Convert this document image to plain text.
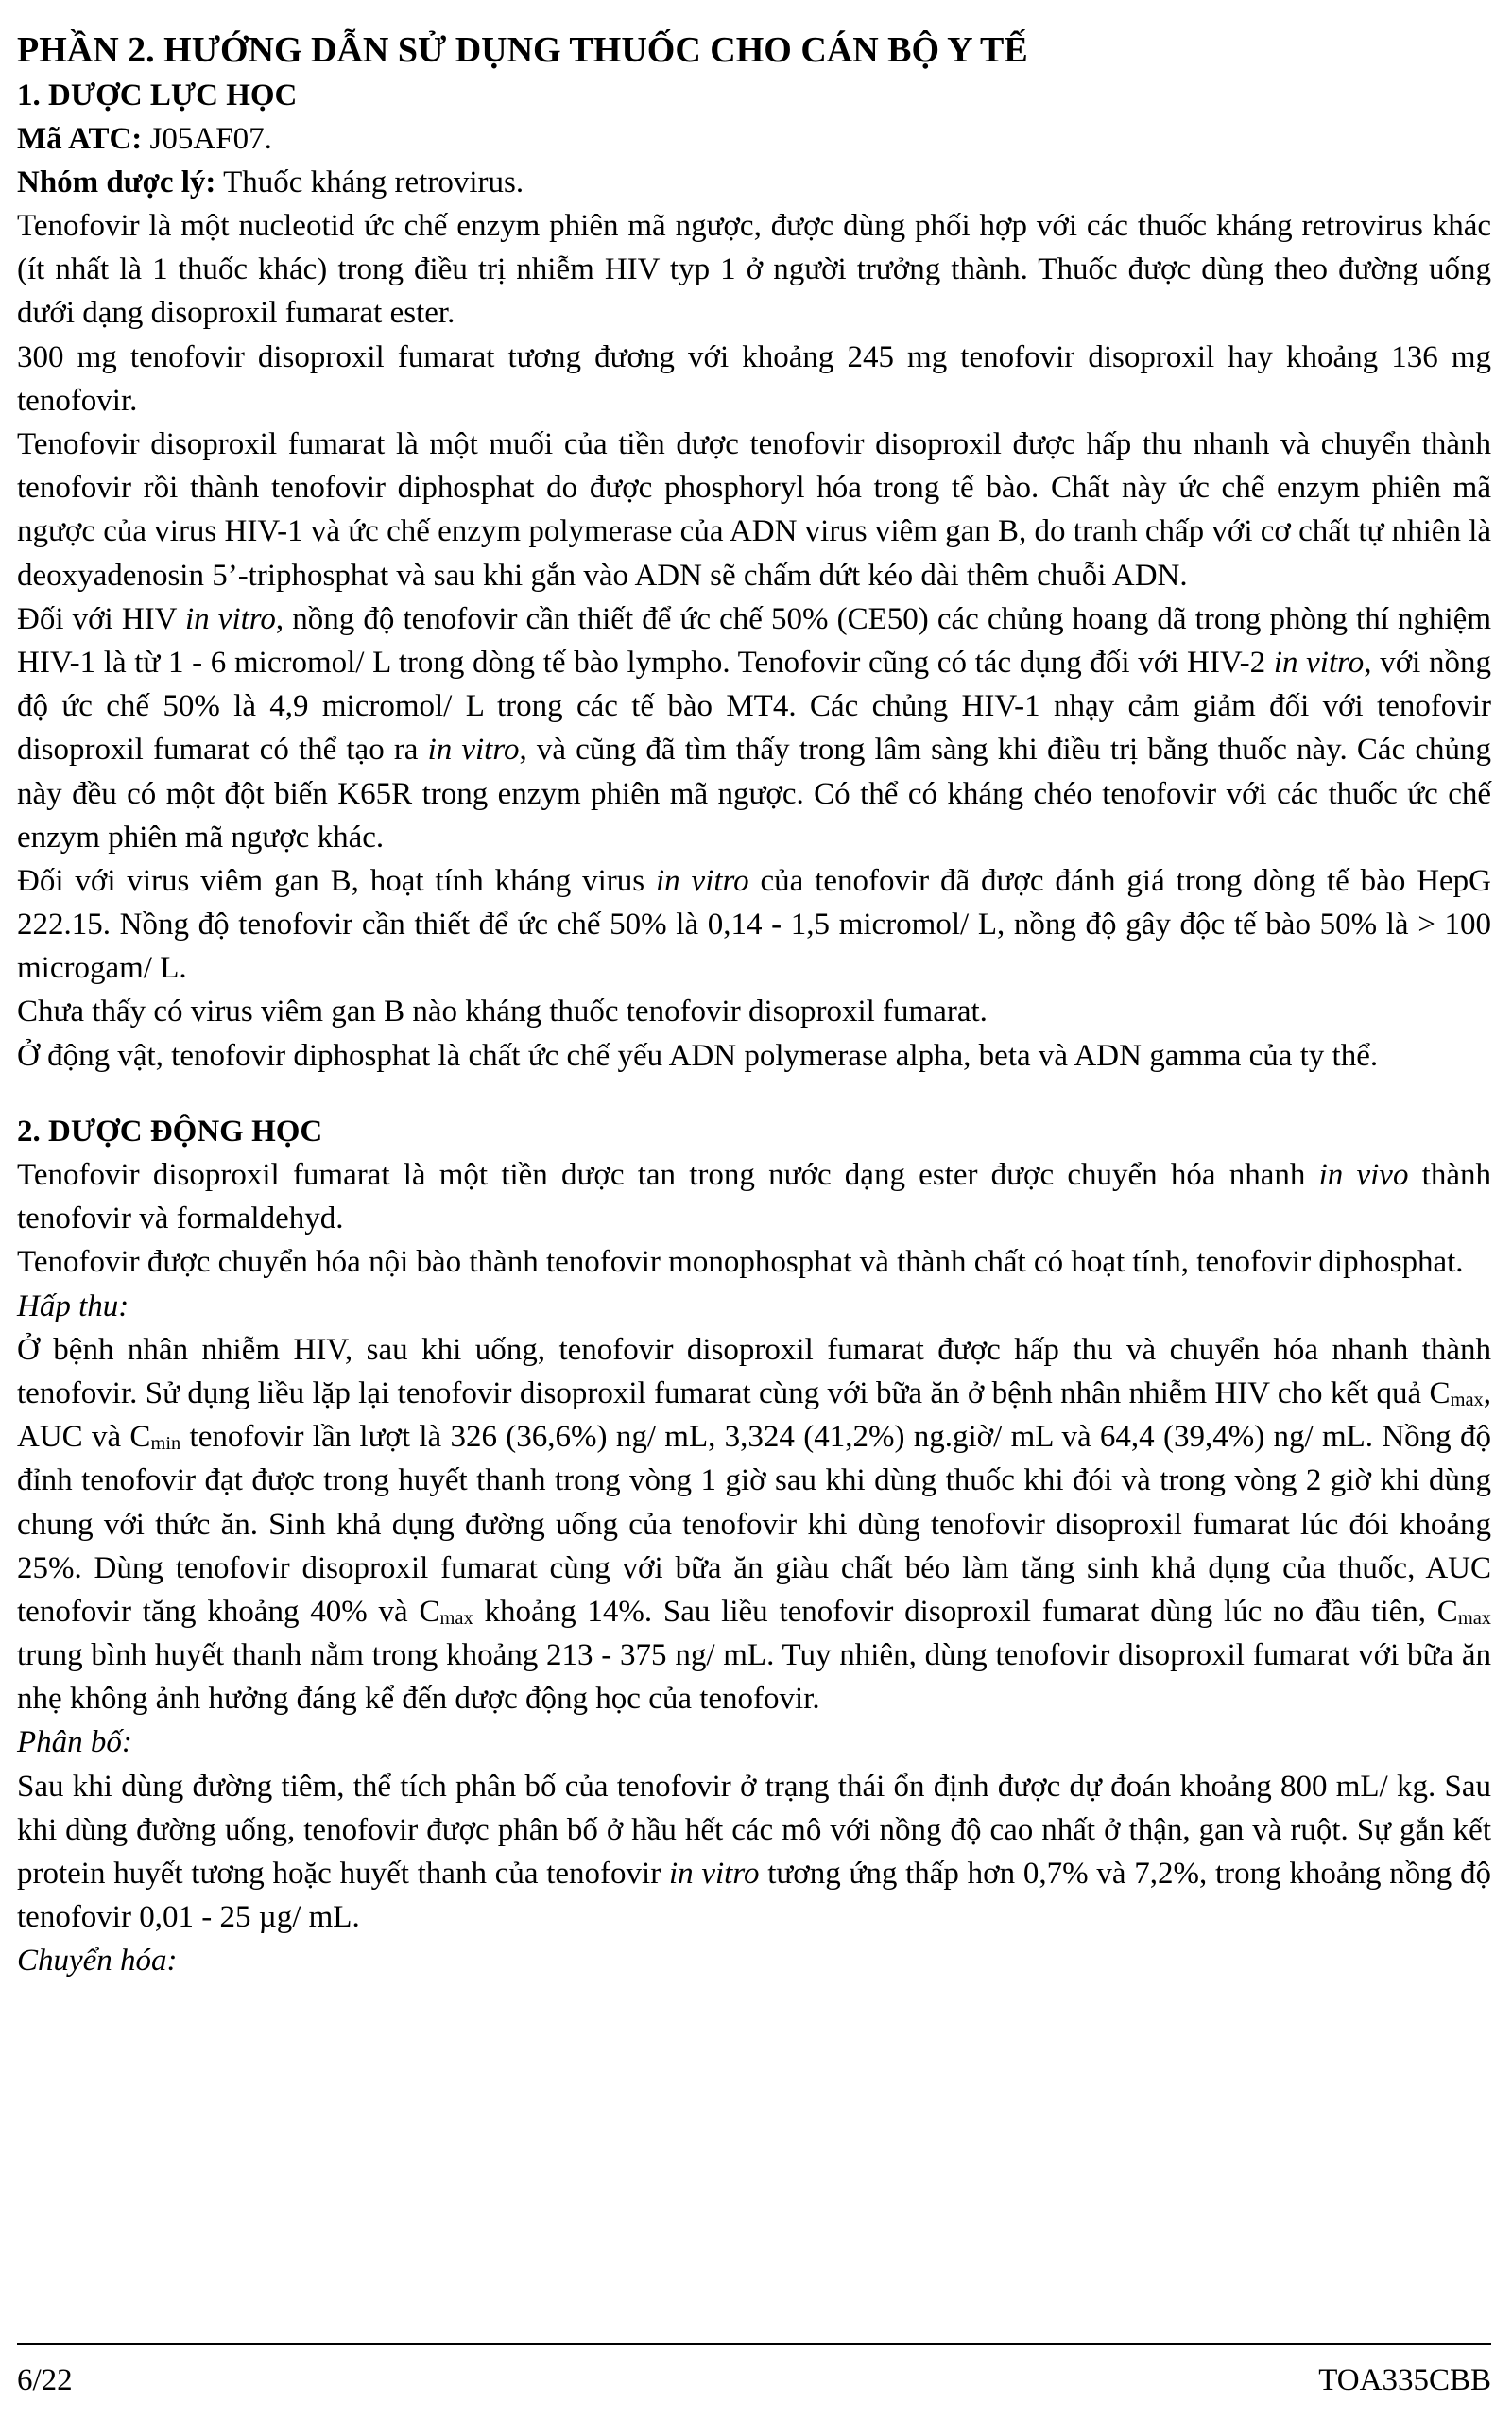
PHẦN 2. HƯỚNG DẪN SỬ DỤNG THUỐC CHO CÁN BỘ Y TẾ

1. DƯỢC LỰC HỌC

Mã ATC: J05AF07.

Nhóm dược lý: Thuốc kháng retrovirus.

Tenofovir là một nucleotid ức chế enzym phiên mã ngược, được dùng phối hợp với các thuốc kháng retrovirus khác (ít nhất là 1 thuốc khác) trong điều trị nhiễm HIV typ 1 ở người trưởng thành. Thuốc được dùng theo đường uống dưới dạng disoproxil fumarat ester.

300 mg tenofovir disoproxil fumarat tương đương với khoảng 245 mg tenofovir disoproxil hay khoảng 136 mg tenofovir.

Tenofovir disoproxil fumarat là một muối của tiền dược tenofovir disoproxil được hấp thu nhanh và chuyển thành tenofovir rồi thành tenofovir diphosphat do được phosphoryl hóa trong tế bào. Chất này ức chế enzym phiên mã ngược của virus HIV-1 và ức chế enzym polymerase của ADN virus viêm gan B, do tranh chấp với cơ chất tự nhiên là deoxyadenosin 5’-triphosphat và sau khi gắn vào ADN sẽ chấm dứt kéo dài thêm chuỗi ADN.

Đối với HIV in vitro, nồng độ tenofovir cần thiết để ức chế 50% (CE50) các chủng hoang dã trong phòng thí nghiệm HIV-1 là từ 1 - 6 micromol/ L trong dòng tế bào lympho. Tenofovir cũng có tác dụng đối với HIV-2 in vitro, với nồng độ ức chế 50% là 4,9 micromol/ L trong các tế bào MT4. Các chủng HIV-1 nhạy cảm giảm đối với tenofovir disoproxil fumarat có thể tạo ra in vitro, và cũng đã tìm thấy trong lâm sàng khi điều trị bằng thuốc này. Các chủng này đều có một đột biến K65R trong enzym phiên mã ngược. Có thể có kháng chéo tenofovir với các thuốc ức chế enzym phiên mã ngược khác.

Đối với virus viêm gan B, hoạt tính kháng virus in vitro của tenofovir đã được đánh giá trong dòng tế bào HepG 222.15. Nồng độ tenofovir cần thiết để ức chế 50% là 0,14 - 1,5 micromol/ L, nồng độ gây độc tế bào 50% là > 100 microgam/ L.

Chưa thấy có virus viêm gan B nào kháng thuốc tenofovir disoproxil fumarat.

Ở động vật, tenofovir diphosphat là chất ức chế yếu ADN polymerase alpha, beta và ADN gamma của ty thể.

2. DƯỢC ĐỘNG HỌC

Tenofovir disoproxil fumarat là một tiền dược tan trong nước dạng ester được chuyển hóa nhanh in vivo thành tenofovir và formaldehyd.

Tenofovir được chuyển hóa nội bào thành tenofovir monophosphat và thành chất có hoạt tính, tenofovir diphosphat.

Hấp thu:

Ở bệnh nhân nhiễm HIV, sau khi uống, tenofovir disoproxil fumarat được hấp thu và chuyển hóa nhanh thành tenofovir. Sử dụng liều lặp lại tenofovir disoproxil fumarat cùng với bữa ăn ở bệnh nhân nhiễm HIV cho kết quả Cmax, AUC và Cmin tenofovir lần lượt là 326 (36,6%) ng/ mL, 3,324 (41,2%) ng.giờ/ mL và 64,4 (39,4%) ng/ mL. Nồng độ đỉnh tenofovir đạt được trong huyết thanh trong vòng 1 giờ sau khi dùng thuốc khi đói và trong vòng 2 giờ khi dùng chung với thức ăn. Sinh khả dụng đường uống của tenofovir khi dùng tenofovir disoproxil fumarat lúc đói khoảng 25%. Dùng tenofovir disoproxil fumarat cùng với bữa ăn giàu chất béo làm tăng sinh khả dụng của thuốc, AUC tenofovir tăng khoảng 40% và Cmax khoảng 14%. Sau liều tenofovir disoproxil fumarat dùng lúc no đầu tiên, Cmax trung bình huyết thanh nằm trong khoảng 213 - 375 ng/ mL. Tuy nhiên, dùng tenofovir disoproxil fumarat với bữa ăn nhẹ không ảnh hưởng đáng kể đến dược động học của tenofovir.

Phân bố:

Sau khi dùng đường tiêm, thể tích phân bố của tenofovir ở trạng thái ổn định được dự đoán khoảng 800 mL/ kg. Sau khi dùng đường uống, tenofovir được phân bố ở hầu hết các mô với nồng độ cao nhất ở thận, gan và ruột. Sự gắn kết protein huyết tương hoặc huyết thanh của tenofovir in vitro tương ứng thấp hơn 0,7% và 7,2%, trong khoảng nồng độ tenofovir 0,01 - 25 µg/ mL.

Chuyển hóa:

6/22	TOA335CBB
